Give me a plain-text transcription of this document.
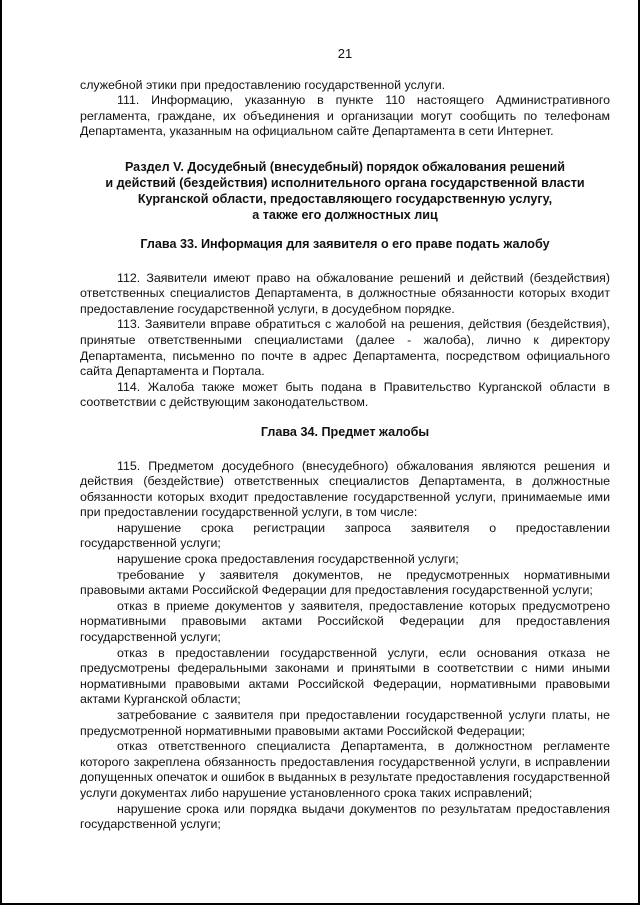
21

служебной этики при предоставлению государственной услуги.

111. Информацию, указанную в пункте 110 настоящего Административного регламента, граждане, их объединения и организации могут сообщить по телефонам Департамента, указанным на официальном сайте Департамента в сети Интернет.

Раздел V. Досудебный (внесудебный) порядок обжалования решений
и действий (бездействия) исполнительного органа государственной власти
Курганской области, предоставляющего государственную услугу,
а также его должностных лиц
Глава 33. Информация для заявителя о его праве подать жалобу

112. Заявители имеют право на обжалование решений и действий (бездействия) ответственных специалистов Департамента, в должностные обязанности которых входит предоставление государственной услуги, в досудебном порядке.

113. Заявители вправе обратиться с жалобой на решения, действия (бездействия), принятые ответственными специалистами (далее - жалоба), лично к директору Департамента, письменно по почте в адрес Департамента, посредством официального сайта Департамента и Портала.

114. Жалоба также может быть подана в Правительство Курганской области в соответствии с действующим законодательством.

Глава 34. Предмет жалобы

115. Предметом досудебного (внесудебного) обжалования являются решения и действия (бездействие) ответственных специалистов Департамента, в должностные обязанности которых входит предоставление государственной услуги, принимаемые ими при предоставлении государственной услуги, в том числе:

нарушение срока регистрации запроса заявителя о предоставлении государственной услуги;

нарушение срока предоставления государственной услуги;

требование у заявителя документов, не предусмотренных нормативными правовыми актами Российской Федерации для предоставления государственной услуги;

отказ в приеме документов у заявителя, предоставление которых предусмотрено нормативными правовыми актами Российской Федерации для предоставления государственной услуги;

отказ в предоставлении государственной услуги, если основания отказа не предусмотрены федеральными законами и принятыми в соответствии с ними иными нормативными правовыми актами Российской Федерации, нормативными правовыми актами Курганской области;

затребование с заявителя при предоставлении государственной услуги платы, не предусмотренной нормативными правовыми актами Российской Федерации;

отказ ответственного специалиста Департамента, в должностном регламенте которого закреплена обязанность предоставления государственной услуги, в исправлении допущенных опечаток и ошибок в выданных в результате предоставления государственной услуги документах либо нарушение установленного срока таких исправлений;

нарушение срока или порядка выдачи документов по результатам предоставления государственной услуги;
